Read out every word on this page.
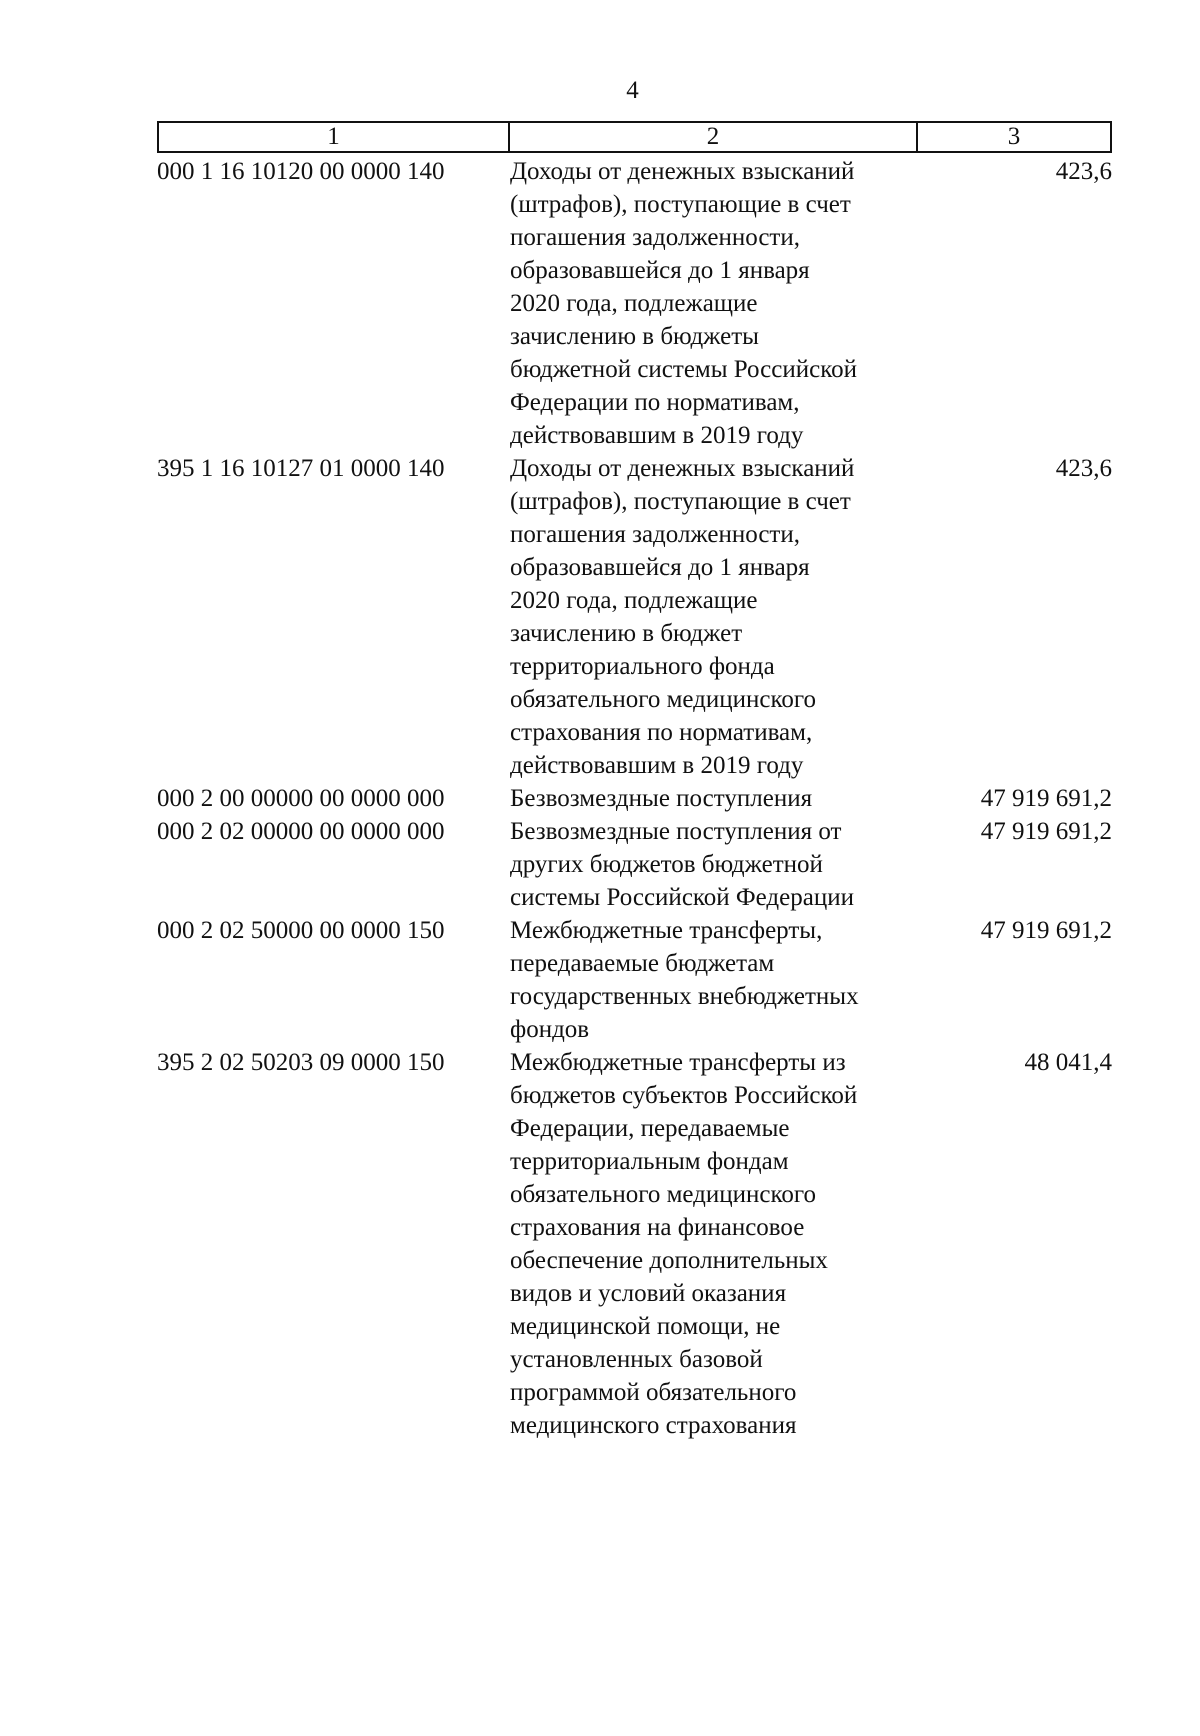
4
1	2	3
000 1 16 10120 00 0000 140	Доходы от денежных взысканий
(штрафов), поступающие в счет
погашения задолженности,
образовавшейся до 1 января
2020 года, подлежащие
зачислению в бюджеты
бюджетной системы Российской
Федерации по нормативам,
действовавшим в 2019 году
423,6
395 1 16 10127 01 0000 140	Доходы от денежных взысканий
(штрафов), поступающие в счет
погашения задолженности,
образовавшейся до 1 января
2020 года, подлежащие
зачислению в бюджет
территориального фонда
обязательного медицинского
страхования по нормативам,
действовавшим в 2019 году
423,6
000 2 00 00000 00 0000 000	Безвозмездные поступления	47 919 691,2
000 2 02 00000 00 0000 000	Безвозмездные поступления от
других бюджетов бюджетной
системы Российской Федерации
47 919 691,2
000 2 02 50000 00 0000 150	Межбюджетные трансферты,
передаваемые бюджетам
государственных внебюджетных
фондов
47 919 691,2
395 2 02 50203 09 0000 150	Межбюджетные трансферты из
бюджетов субъектов Российской
Федерации, передаваемые
территориальным фондам
обязательного медицинского
страхования на финансовое
обеспечение дополнительных
видов и условий оказания
медицинской помощи, не
установленных базовой
программой обязательного
медицинского страхования
48 041,4
